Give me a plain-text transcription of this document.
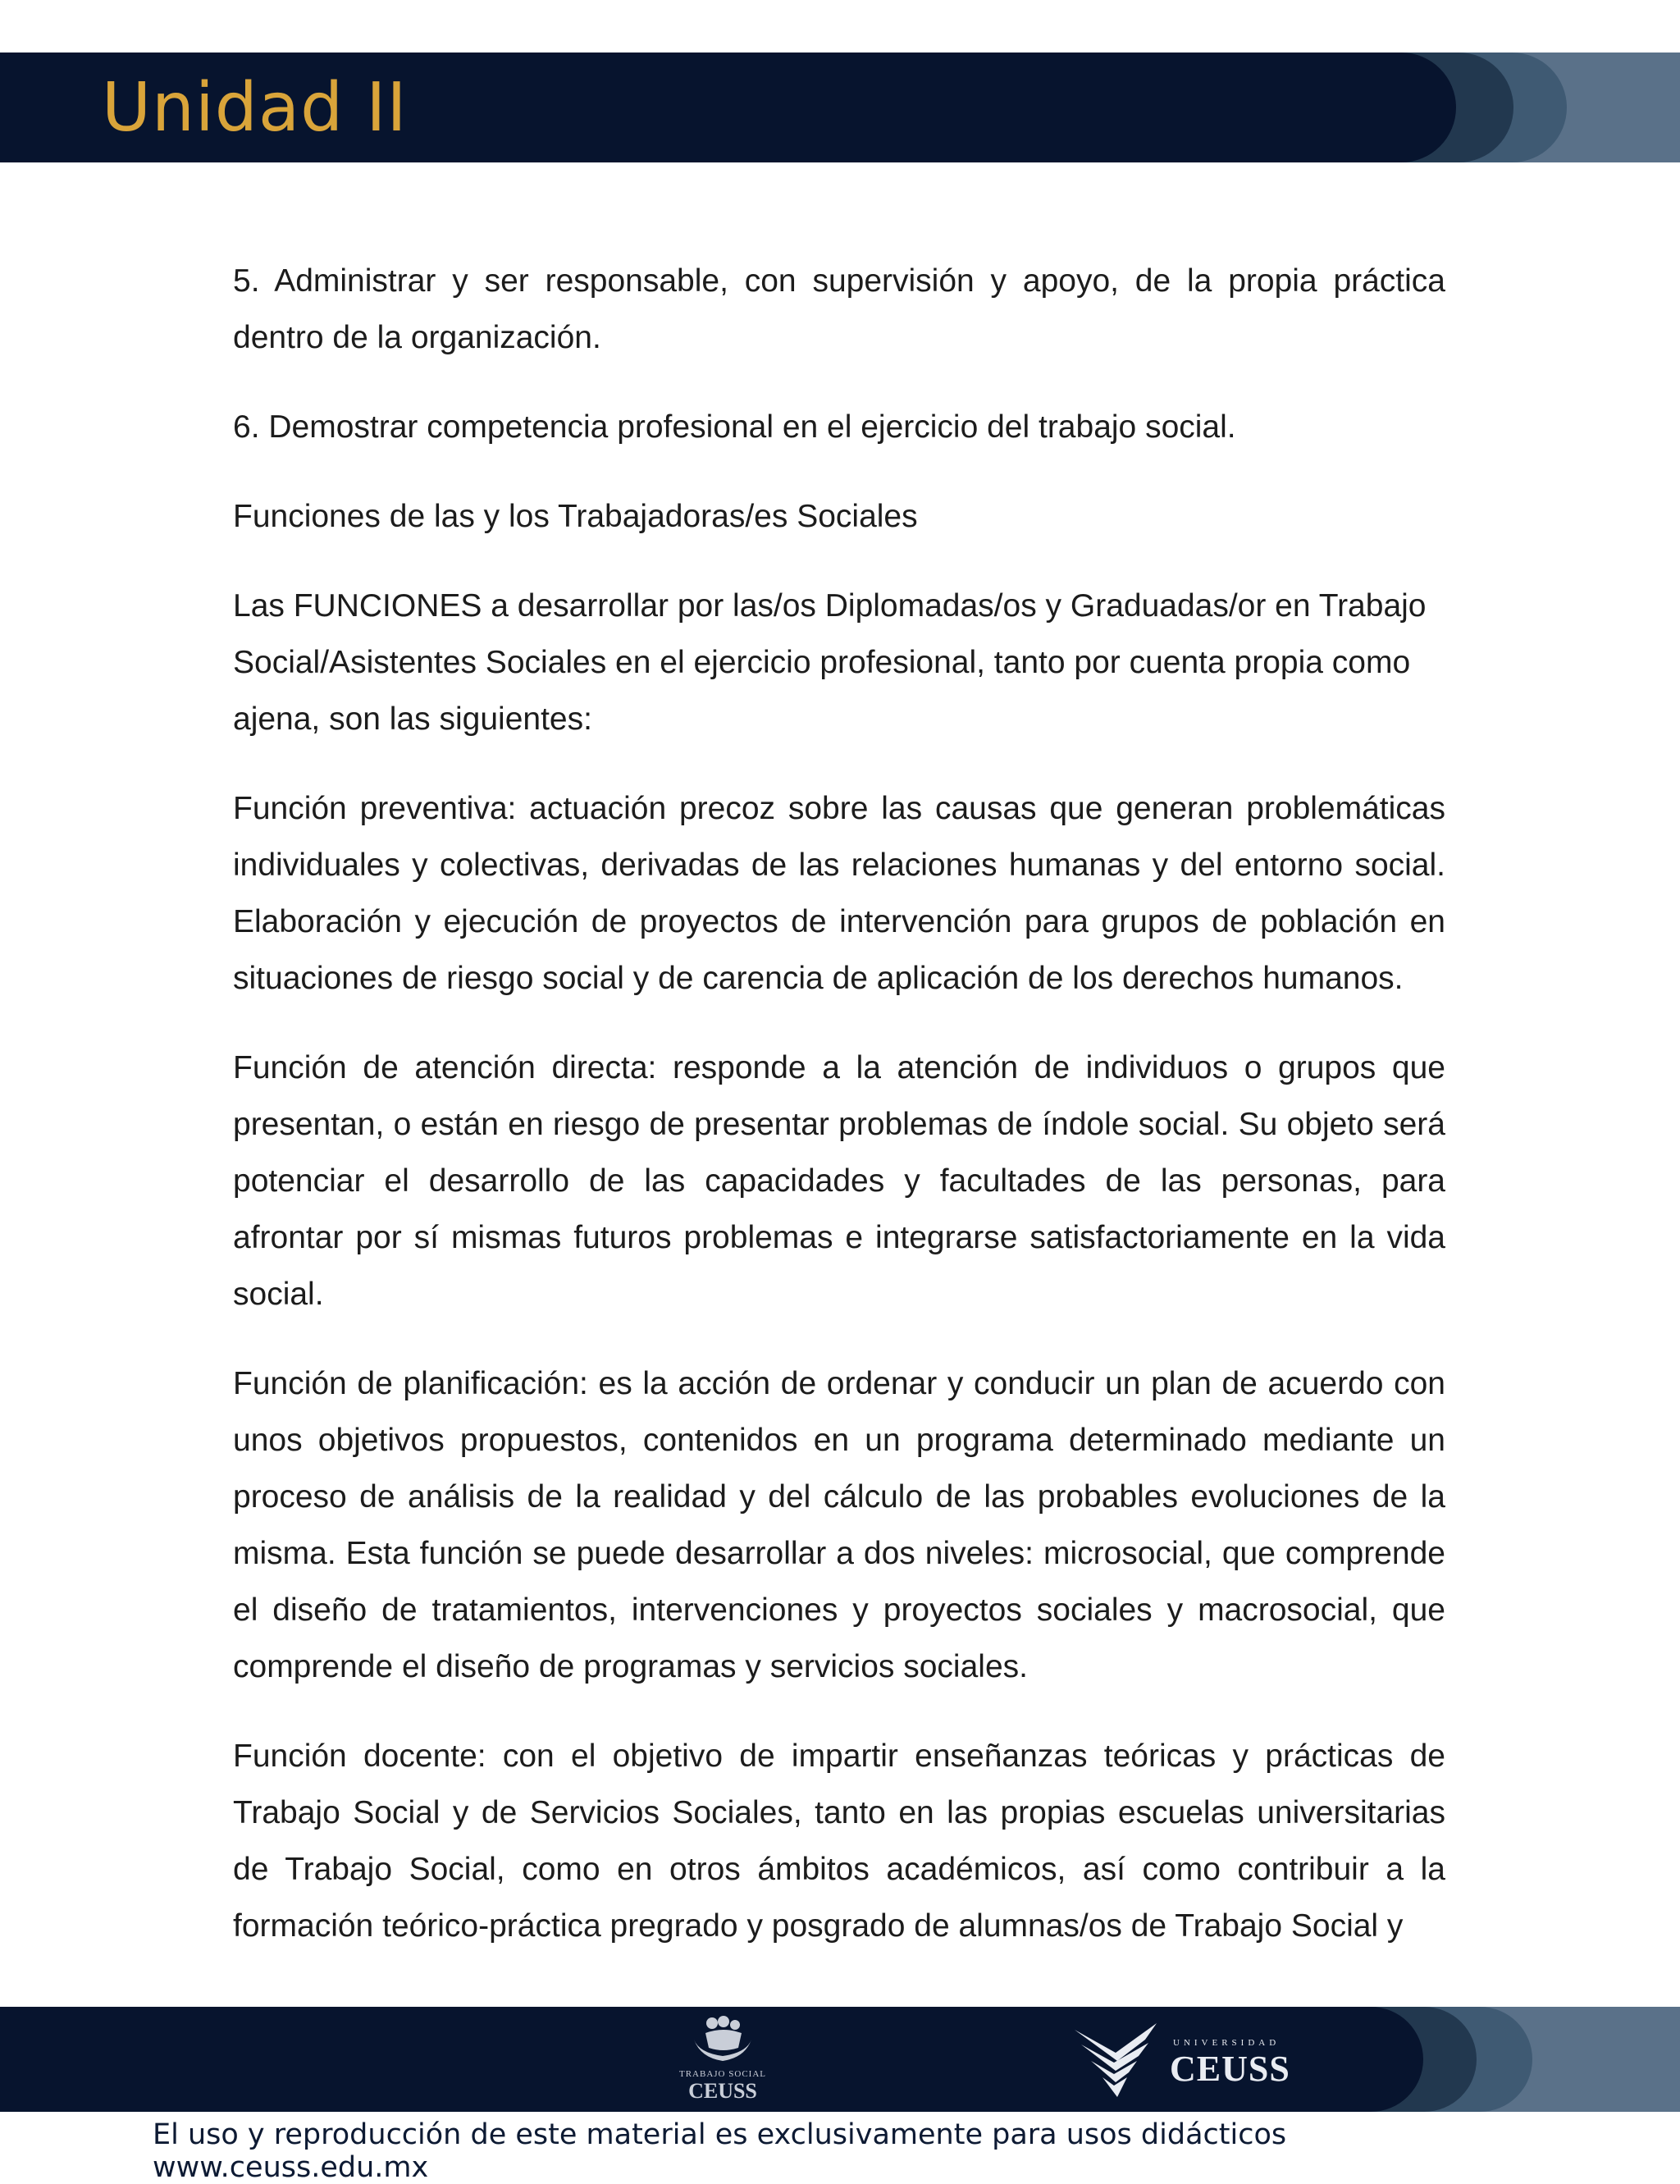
Unidad II

5. Administrar y ser responsable, con supervisión y apoyo, de la propia práctica dentro de la organización.

6. Demostrar competencia profesional en el ejercicio del trabajo social.

Funciones de las y los Trabajadoras/es Sociales

Las FUNCIONES a desarrollar por las/os Diplomadas/os y Graduadas/or en Trabajo Social/Asistentes Sociales en el ejercicio profesional, tanto por cuenta propia como ajena, son las siguientes:

Función preventiva: actuación precoz sobre las causas que generan problemáticas individuales y colectivas, derivadas de las relaciones humanas y del entorno social. Elaboración y ejecución de proyectos de intervención para grupos de población en situaciones de riesgo social y de carencia de aplicación de los derechos humanos.

Función de atención directa: responde a la atención de individuos o grupos que presentan, o están en riesgo de presentar problemas de índole social. Su objeto será potenciar el desarrollo de las capacidades y facultades de las personas, para afrontar por sí mismas futuros problemas e integrarse satisfactoriamente en la vida social.

Función de planificación: es la acción de ordenar y conducir un plan de acuerdo con unos objetivos propuestos, contenidos en un programa determinado mediante un proceso de análisis de la realidad y del cálculo de las probables evoluciones de la misma. Esta función se puede desarrollar a dos niveles: microsocial, que comprende el diseño de tratamientos, intervenciones y proyectos sociales y macrosocial, que comprende el diseño de programas y servicios sociales.

Función docente: con el objetivo de impartir enseñanzas teóricas y prácticas de Trabajo Social y de Servicios Sociales, tanto en las propias escuelas universitarias de Trabajo Social, como en otros ámbitos académicos, así como contribuir a la formación teórico-práctica pregrado y posgrado de alumnas/os de Trabajo Social y

TRABAJO SOCIAL
CEUSS
UNIVERSIDAD
CEUSS
El uso y reproducción de este material es exclusivamente para usos didácticos www.ceuss.edu.mx
